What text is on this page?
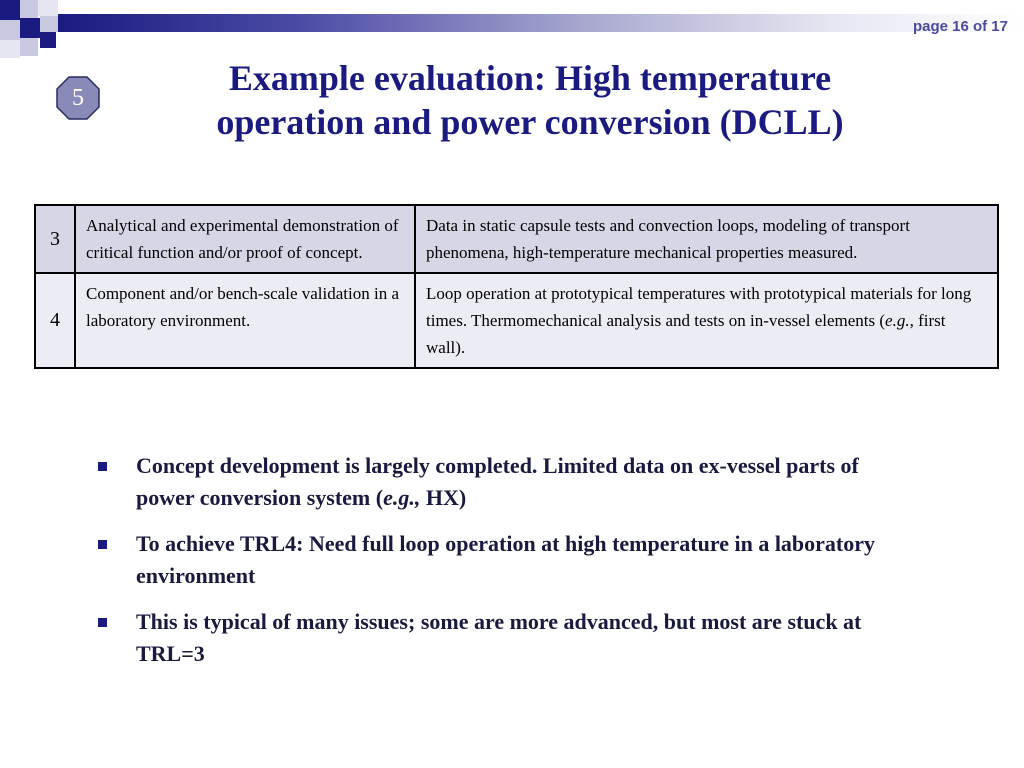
page 16 of 17
5	Example evaluation: High temperature
operation and power conversion (DCLL)
3	Analytical and experimental demonstration of critical function and/or proof of concept.	Data in static capsule tests and convection loops, modeling of transport phenomena, high-temperature mechanical properties measured.
4	Component and/or bench-scale validation in a laboratory environment.	Loop operation at prototypical temperatures with prototypical materials for long times. Thermomechanical analysis and tests on in-vessel elements (e.g., first wall).
Concept development is largely completed. Limited data on ex-vessel parts of power conversion system (e.g., HX)
To achieve TRL4: Need full loop operation at high temperature in a laboratory environment
This is typical of many issues; some are more advanced, but most are stuck at TRL=3
